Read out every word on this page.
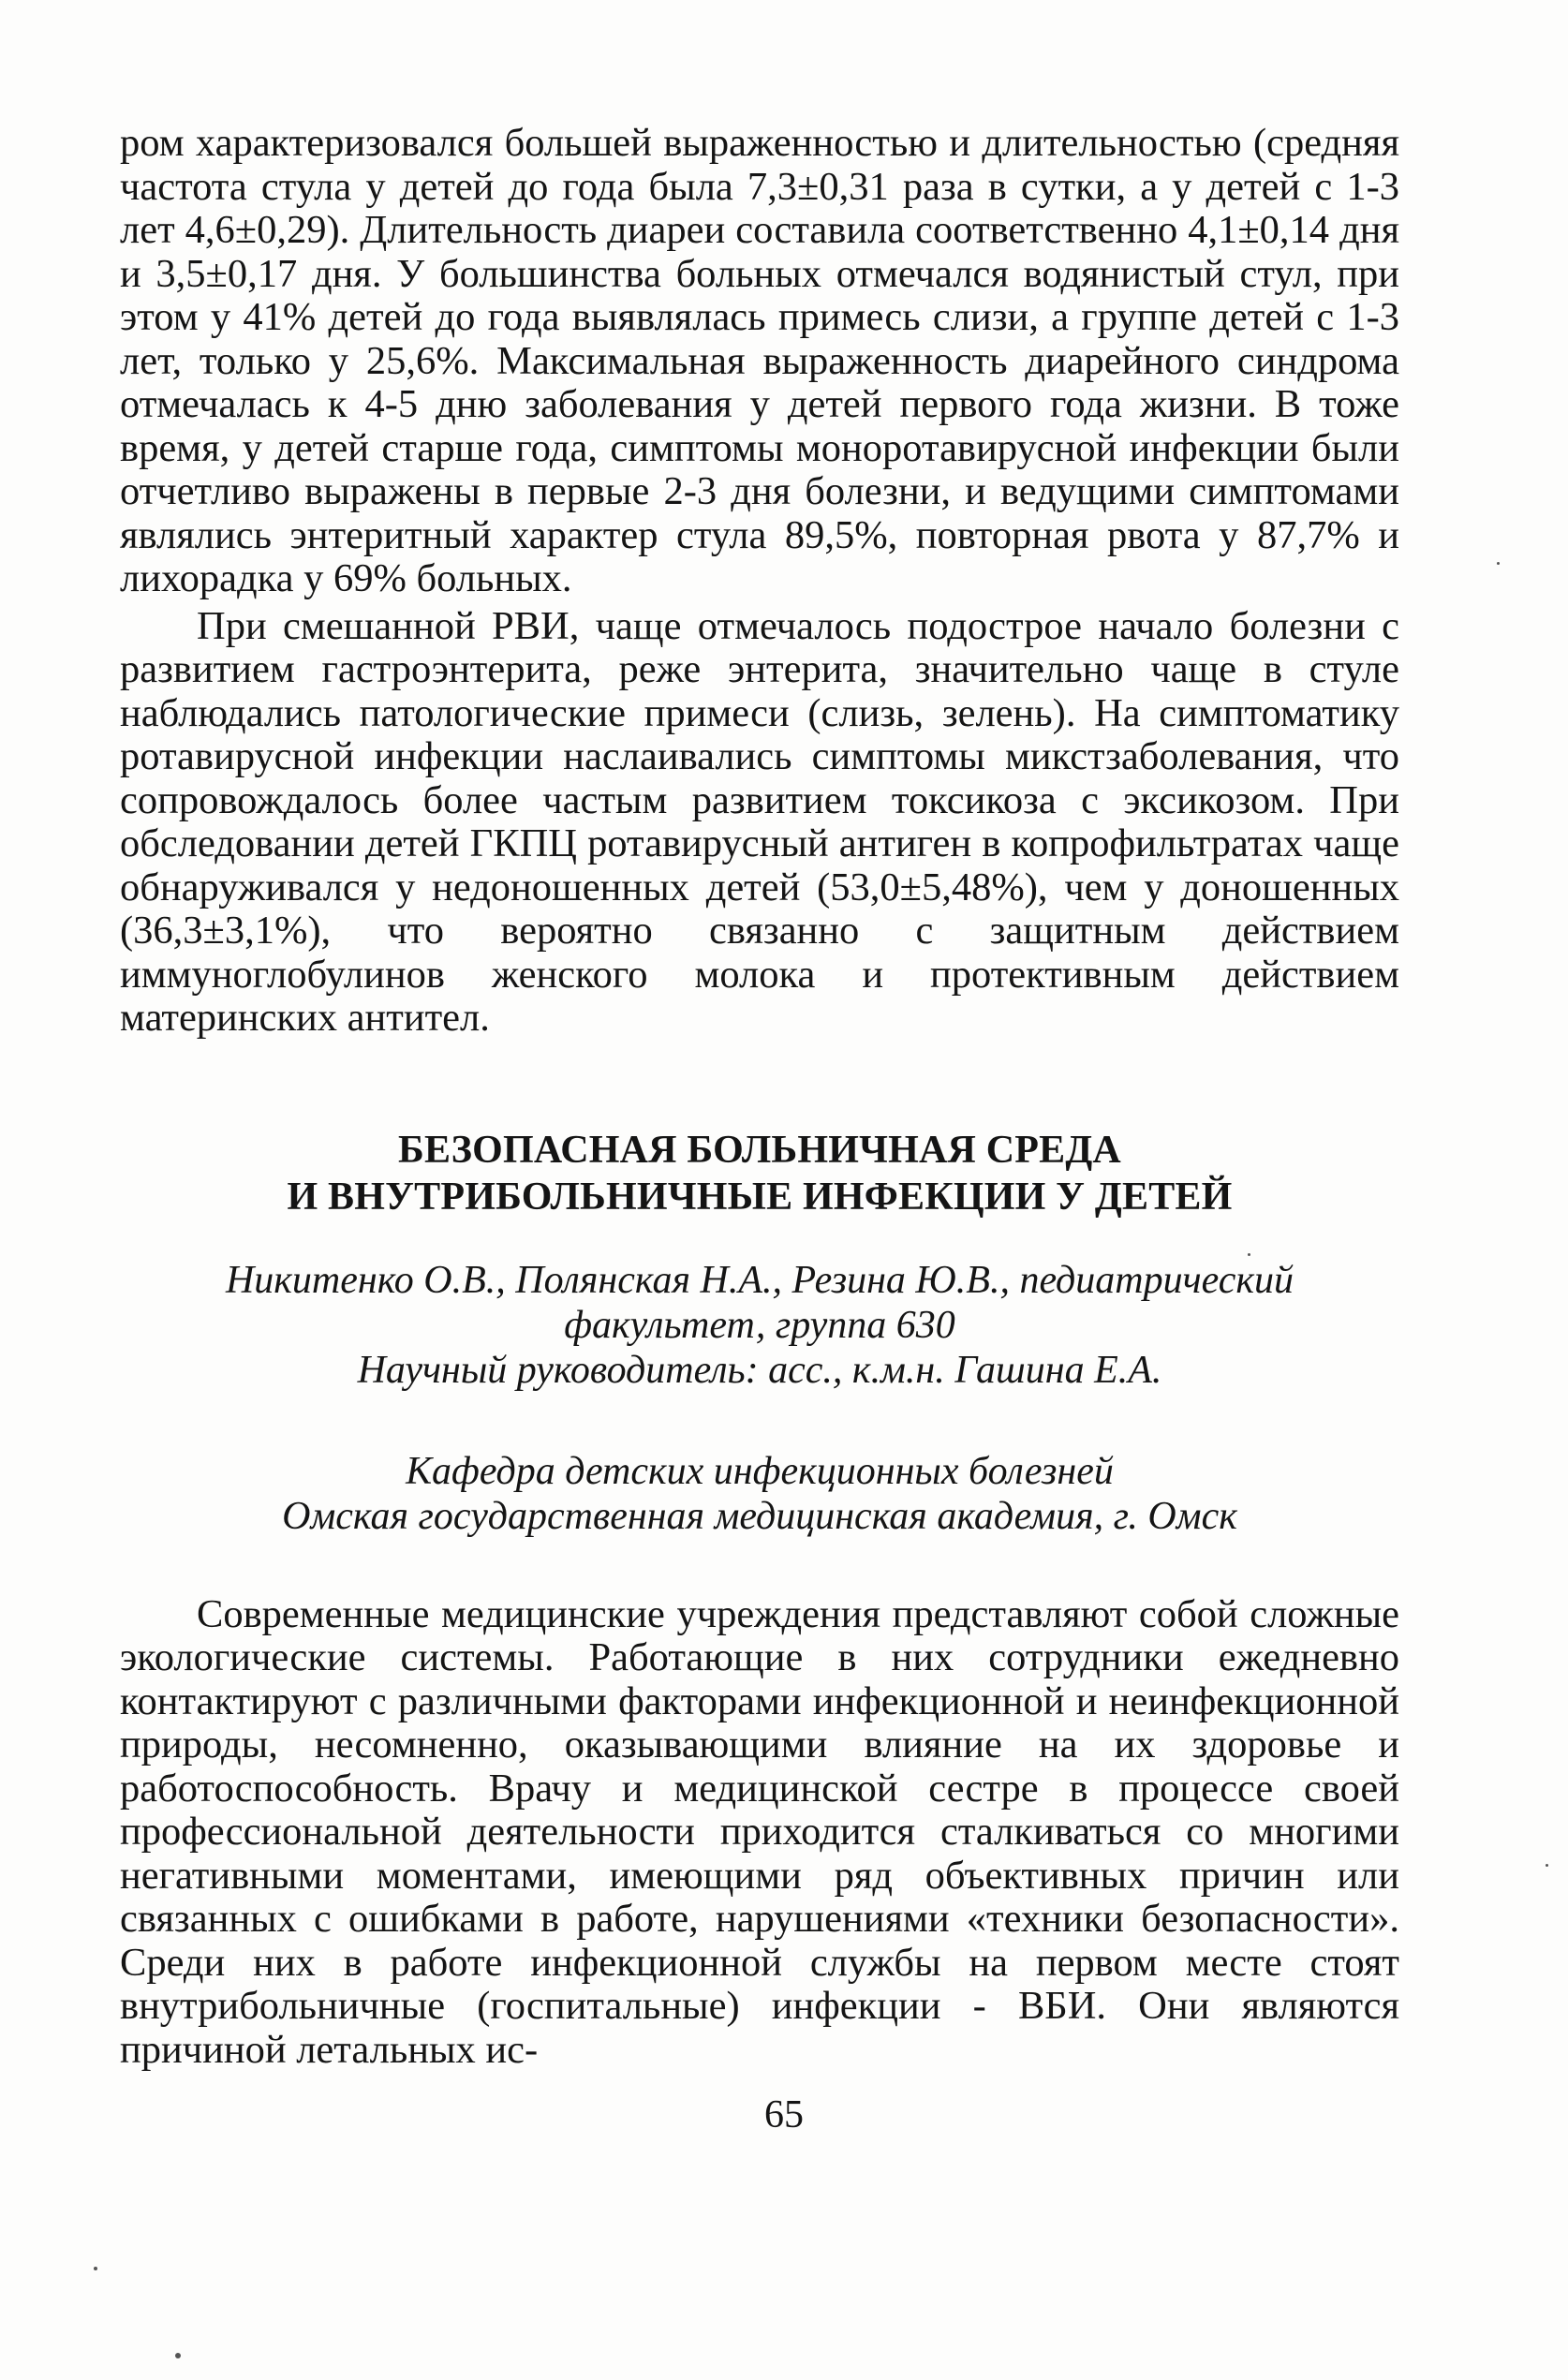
ром характеризовался большей выраженностью и длительностью (средняя частота стула у детей до года была 7,3±0,31 раза в сутки, а у детей с 1-3 лет 4,6±0,29). Длительность диареи составила соответственно 4,1±0,14 дня и 3,5±0,17 дня. У большинства больных отмечался водянистый стул, при этом у 41% детей до года выявлялась примесь слизи, а группе детей с 1-3 лет, только у 25,6%. Максимальная выраженность диарейного синдрома отмечалась к 4-5 дню заболевания у детей первого года жизни. В тоже время, у детей старше года, симптомы моноротавирусной инфекции были отчетливо выражены в первые 2-3 дня болезни, и ведущими симптомами являлись энтеритный характер стула 89,5%, повторная рвота у 87,7% и лихорадка у 69% больных.

При смешанной РВИ, чаще отмечалось подострое начало болезни с развитием гастроэнтерита, реже энтерита, значительно чаще в стуле наблюдались патологические примеси (слизь, зелень). На симптоматику ротавирусной инфекции наслаивались симптомы микстзаболевания, что сопровождалось более частым развитием токсикоза с эксикозом. При обследовании детей ГКПЦ ротавирусный антиген в копрофильтратах чаще обнаруживался у недоношенных детей (53,0±5,48%), чем у доношенных (36,3±3,1%), что вероятно связанно с защитным действием иммуноглобулинов женского молока и протективным действием материнских антител.

БЕЗОПАСНАЯ БОЛЬНИЧНАЯ СРЕДА
И ВНУТРИБОЛЬНИЧНЫЕ ИНФЕКЦИИ У ДЕТЕЙ
Никитенко О.В., Полянская Н.А., Резина Ю.В., педиатрический
факультет, группа 630
Научный руководитель: асс., к.м.н. Гашина Е.А.
Кафедра детских инфекционных болезней
Омская государственная медицинская академия, г. Омск

Современные медицинские учреждения представляют собой сложные экологические системы. Работающие в них сотрудники ежедневно контактируют с различными факторами инфекционной и неинфекционной природы, несомненно, оказывающими влияние на их здоровье и работоспособность. Врачу и медицинской сестре в процессе своей профессиональной деятельности приходится сталкиваться со многими негативными моментами, имеющими ряд объективных причин или связанных с ошибками в работе, нарушениями «техники безопасности». Среди них в работе инфекционной службы на первом месте стоят внутрибольничные (госпитальные) инфекции - ВБИ. Они являются причиной летальных ис-

65
